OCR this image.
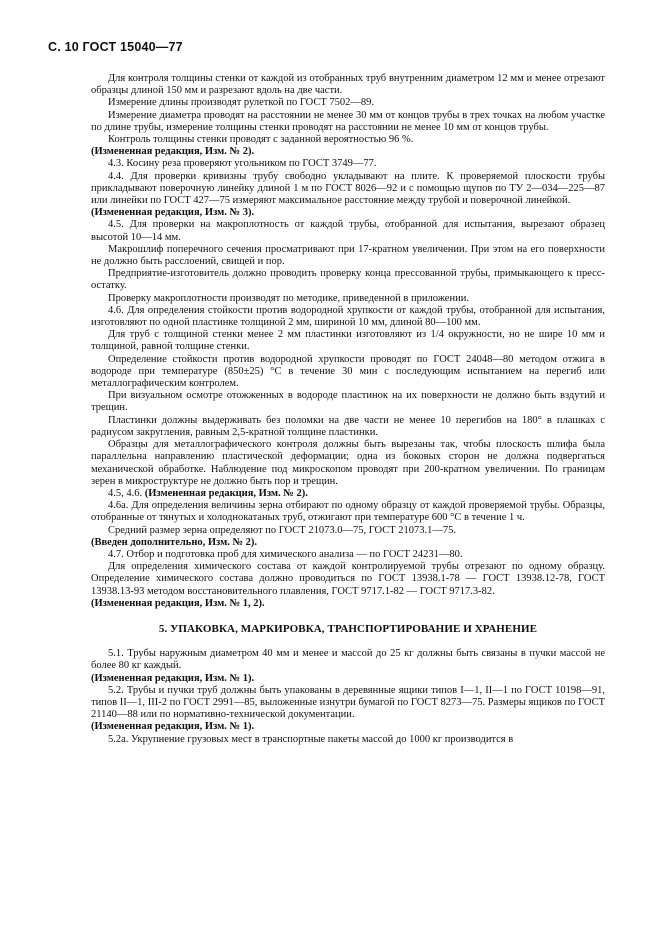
С. 10 ГОСТ 15040—77

Для контроля толщины стенки от каждой из отобранных труб внутренним диаметром 12 мм и менее отрезают образцы длиной 150 мм и разрезают вдоль на две части.

Измерение длины производят рулеткой по ГОСТ 7502—89.

Измерение диаметра проводят на расстоянии не менее 30 мм от концов трубы в трех точках на любом участке по длине трубы, измерение толщины стенки проводят на расстоянии не менее 10 мм от концов трубы.

Контроль толщины стенки проводят с заданной вероятностью 96 %.

(Измененная редакция, Изм. № 2).

4.3. Косину реза проверяют угольником по ГОСТ 3749—77.

4.4. Для проверки кривизны трубу свободно укладывают на плите. К проверяемой плоскости трубы прикладывают поверочную линейку длиной 1 м по ГОСТ 8026—92 и с помощью щупов по ТУ 2—034—225—87 или линейки по ГОСТ 427—75 измеряют максимальное расстояние между трубой и поверочной линейкой.

(Измененная редакция, Изм. № 3).

4.5. Для проверки на макроплотность от каждой трубы, отобранной для испытания, вырезают образец высотой 10—14 мм.

Макрошлиф поперечного сечения просматривают при 17-кратном увеличении. При этом на его поверхности не должно быть расслоений, свищей и пор.

Предприятие-изготовитель должно проводить проверку конца прессованной трубы, примыкающего к пресс-остатку.

Проверку макроплотности производят по методике, приведенной в приложении.

4.6. Для определения стойкости против водородной хрупкости от каждой трубы, отобранной для испытания, изготовляют по одной пластинке толщиной 2 мм, шириной 10 мм, длиной 80—100 мм.

Для труб с толщиной стенки менее 2 мм пластинки изготовляют из 1/4 окружности, но не шире 10 мм и толщиной, равной толщине стенки.

Определение стойкости против водородной хрупкости проводят по ГОСТ 24048—80 методом отжига в водороде при температуре (850±25) °С в течение 30 мин с последующим испытанием на перегиб или металлографическим контролем.

При визуальном осмотре отожженных в водороде пластинок на их поверхности не должно быть вздутий и трещин.

Пластинки должны выдерживать без поломки на две части не менее 10 перегибов на 180° в плашках с радиусом закругления, равным 2,5-кратной толщине пластинки.

Образцы для металлографического контроля должны быть вырезаны так, чтобы плоскость шлифа была параллельна направлению пластической деформации; одна из боковых сторон не должна подвергаться механической обработке. Наблюдение под микроскопом проводят при 200-кратном увеличении. По границам зерен в микроструктуре не должно быть пор и трещин.

4.5, 4.6. (Измененная редакция, Изм. № 2).

4.6а. Для определения величины зерна отбирают по одному образцу от каждой проверяемой трубы. Образцы, отобранные от тянутых и холоднокатаных труб, отжигают при температуре 600 °С в течение 1 ч.

Средний размер зерна определяют по ГОСТ 21073.0—75, ГОСТ 21073.1—75.

(Введен дополнительно, Изм. № 2).

4.7. Отбор и подготовка проб для химического анализа — по ГОСТ 24231—80.

Для определения химического состава от каждой контролируемой трубы отрезают по одному образцу. Определение химического состава должно проводиться по ГОСТ 13938.1-78 — ГОСТ 13938.12-78, ГОСТ 13938.13-93 методом восстановительного плавления, ГОСТ 9717.1-82 — ГОСТ 9717.3-82.

(Измененная редакция, Изм. № 1, 2).

5. УПАКОВКА, МАРКИРОВКА, ТРАНСПОРТИРОВАНИЕ И ХРАНЕНИЕ

5.1. Трубы наружным диаметром 40 мм и менее и массой до 25 кг должны быть связаны в пучки массой не более 80 кг каждый.

(Измененная редакция, Изм. № 1).

5.2. Трубы и пучки труб должны быть упакованы в деревянные ящики типов I—1, II—1 по ГОСТ 10198—91, типов II—1, III-2 по ГОСТ 2991—85, выложенные изнутри бумагой по ГОСТ 8273—75. Размеры ящиков по ГОСТ 21140—88 или по нормативно-технической документации.

(Измененная редакция, Изм. № 1).

5.2а. Укрупнение грузовых мест в транспортные пакеты массой до 1000 кг производится в
